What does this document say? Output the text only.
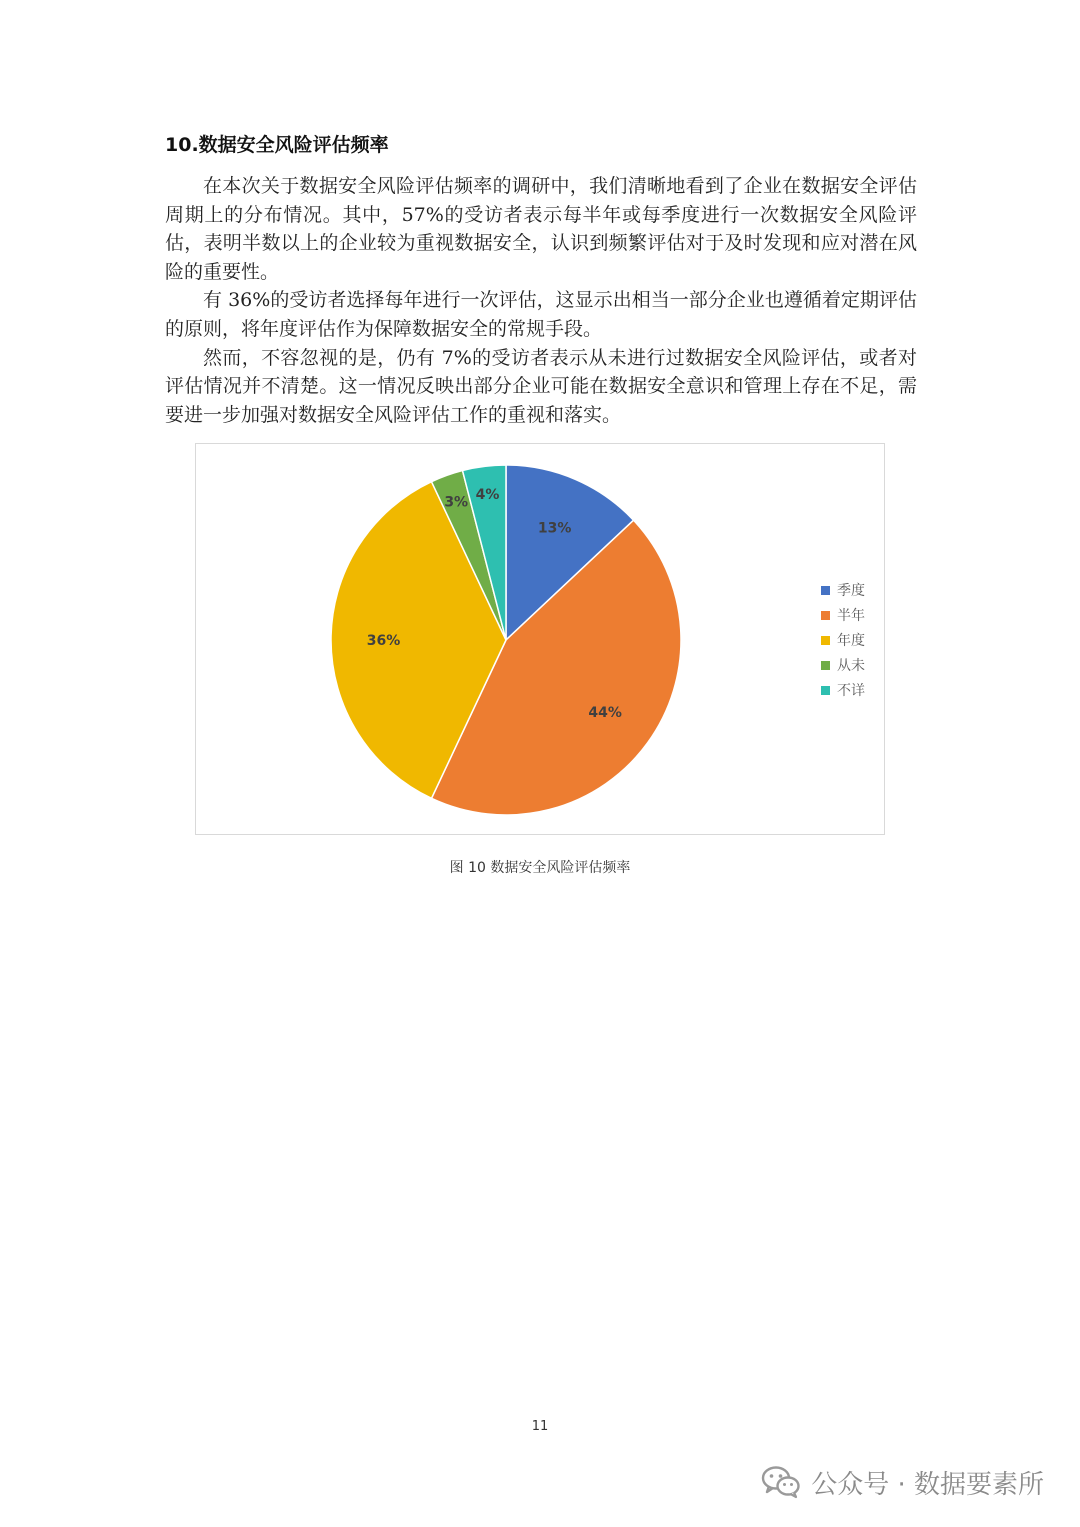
10.数据安全风险评估频率

在本次关于数据安全风险评估频率的调研中，我们清晰地看到了企业在数据安全评估周期上的分布情况。其中，57%的受访者表示每半年或每季度进行一次数据安全风险评估，表明半数以上的企业较为重视数据安全，认识到频繁评估对于及时发现和应对潜在风险的重要性。

有 36%的受访者选择每年进行一次评估，这显示出相当一部分企业也遵循着定期评估的原则，将年度评估作为保障数据安全的常规手段。

然而，不容忽视的是，仍有 7%的受访者表示从未进行过数据安全风险评估，或者对评估情况并不清楚。这一情况反映出部分企业可能在数据安全意识和管理上存在不足，需要进一步加强对数据安全风险评估工作的重视和落实。

13%
44%
36%
3% 4%
季度
半年
年度
从未
不详
图 10 数据安全风险评估频率
11
公众号 · 数据要素所
